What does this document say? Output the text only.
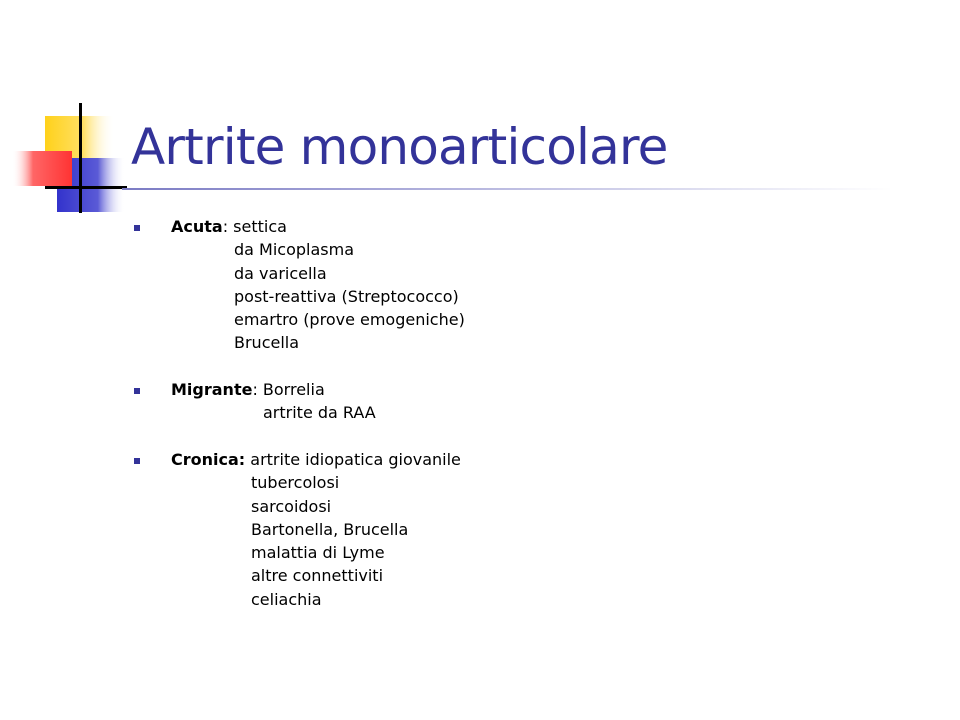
Artrite monoarticolare
Acuta: settica
da Micoplasma
da varicella
post-reattiva (Streptococco)
emartro (prove emogeniche)
Brucella
Migrante: Borrelia
artrite da RAA
Cronica: artrite idiopatica giovanile
tubercolosi
sarcoidosi
Bartonella, Brucella
malattia di Lyme
altre connettiviti
celiachia
